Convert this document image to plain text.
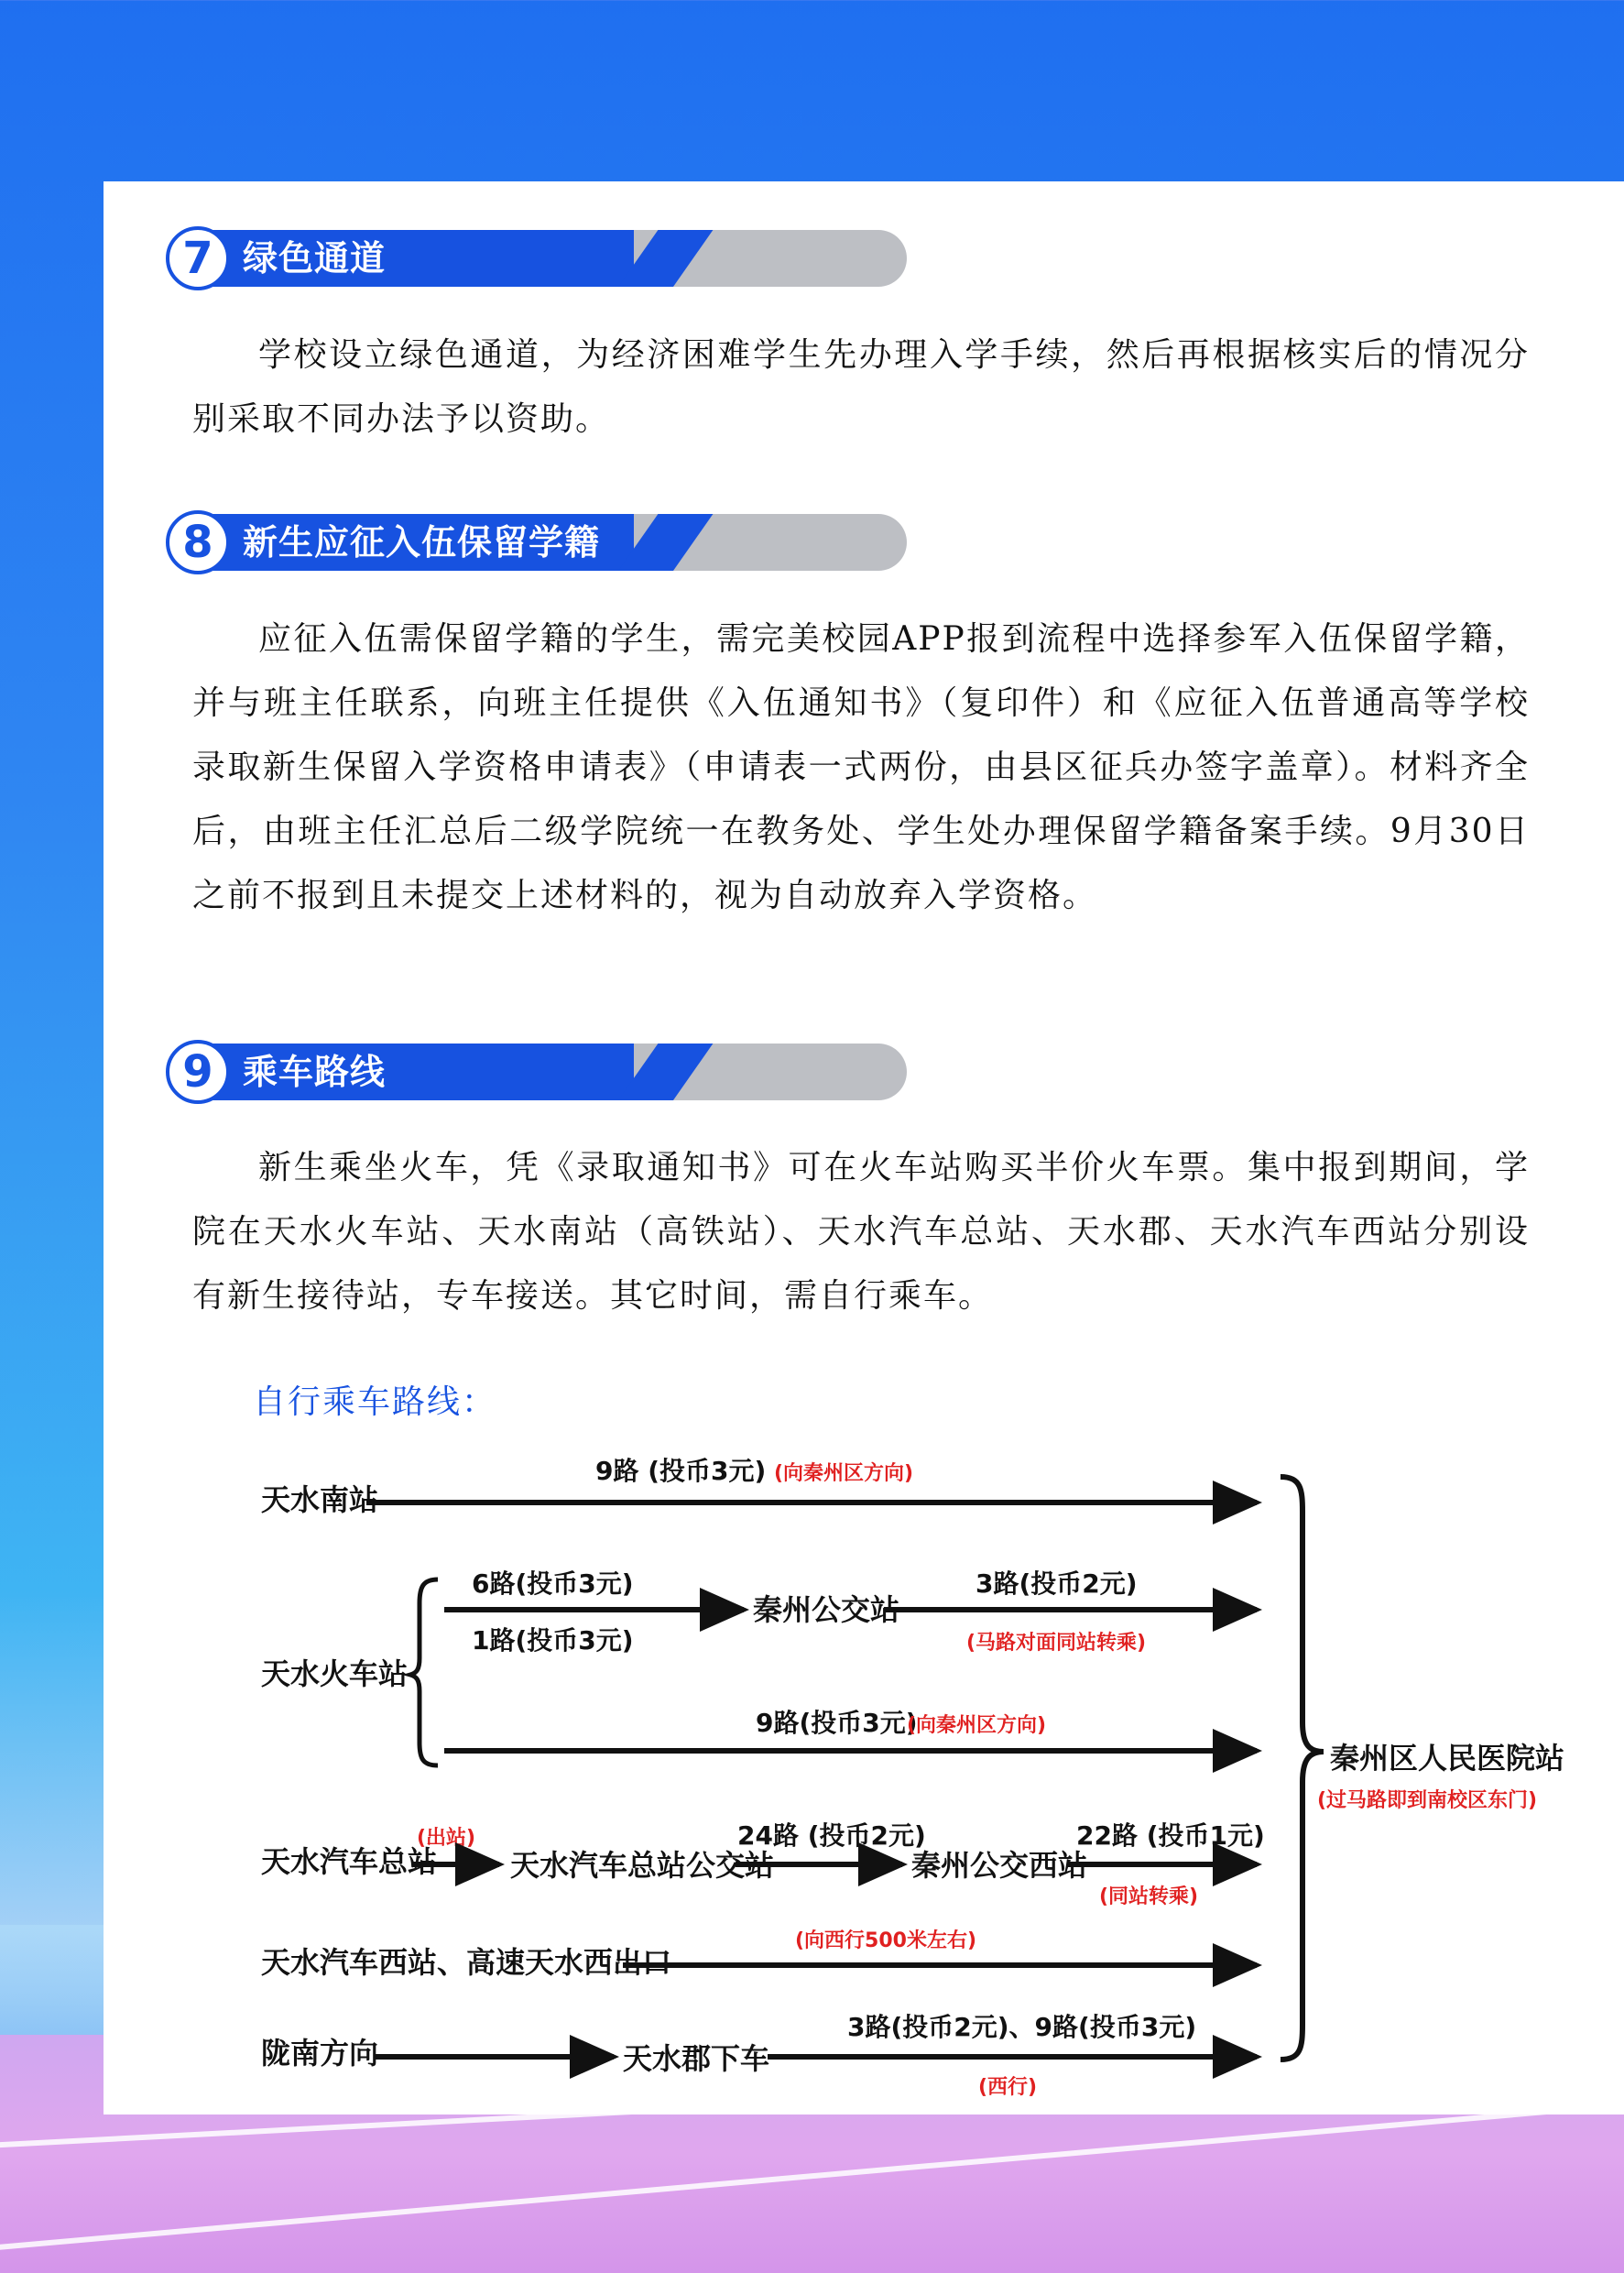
7 绿色通道
学校设立绿色通道，为经济困难学生先办理入学手续，然后再根据核实后的情况分别采取不同办法予以资助。
8 新生应征入伍保留学籍
应征入伍需保留学籍的学生，需完美校园APP报到流程中选择参军入伍保留学籍，并与班主任联系，向班主任提供《入伍通知书》（复印件）和《应征入伍普通高等学校录取新生保留入学资格申请表》（申请表一式两份，由县区征兵办签字盖章）。材料齐全后，由班主任汇总后二级学院统一在教务处、学生处办理保留学籍备案手续。9月30日之前不报到且未提交上述材料的，视为自动放弃入学资格。
9 乘车路线
新生乘坐火车，凭《录取通知书》可在火车站购买半价火车票。集中报到期间，学院在天水火车站、天水南站（高铁站）、天水汽车总站、天水郡、天水汽车西站分别设有新生接待站，专车接送。其它时间，需自行乘车。
自行乘车路线：
天水南站
9路 (投币3元) (向秦州区方向)
天水火车站
6路(投币3元)
1路(投币3元)
秦州公交站
3路(投币2元)
(马路对面同站转乘)
9路(投币3元)
(向秦州区方向)
秦州区人民医院站
(过马路即到南校区东门)
天水汽车总站
(出站)
天水汽车总站公交站
24路 (投币2元)
秦州公交西站
22路 (投币1元)
(同站转乘)
天水汽车西站、高速天水西出口
(向西行500米左右)
陇南方向	天水郡下车
3路(投币2元)、9路(投币3元)
(西行)
